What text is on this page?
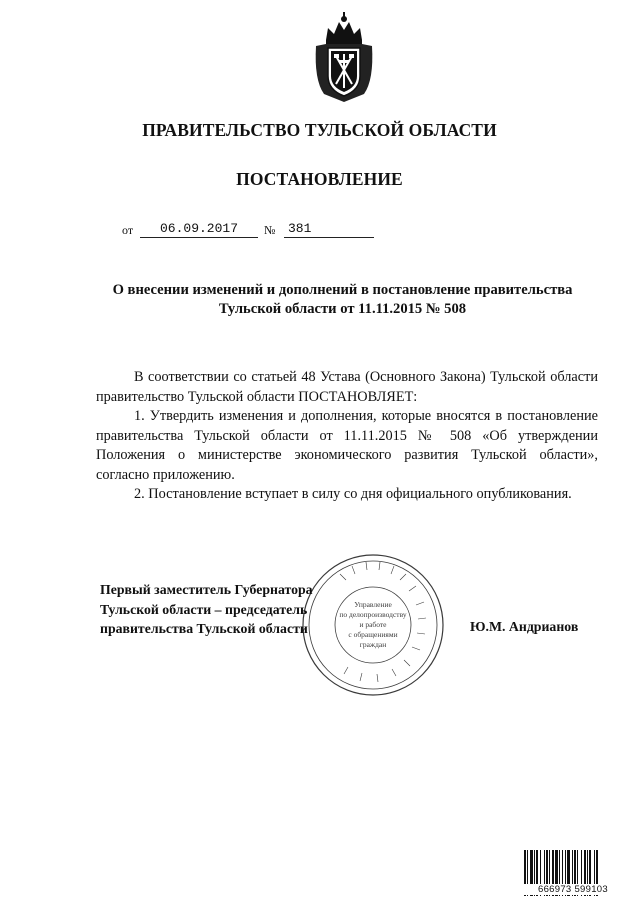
ПРАВИТЕЛЬСТВО ТУЛЬСКОЙ ОБЛАСТИ
ПОСТАНОВЛЕНИЕ
от	06.09.2017	№ 381
О внесении изменений и дополнений в постановление правительства
Тульской области от 11.11.2015 № 508

В соответствии со статьей 48 Устава (Основного Закона) Тульской области правительство Тульской области ПОСТАНОВЛЯЕТ:

1. Утвердить изменения и дополнения, которые вносятся в постановление правительства Тульской области от 11.11.2015 № 508 «Об утверждении Положения о министерстве экономического развития Тульской области», согласно приложению.

2. Постановление вступает в силу со дня официального опубликования.

Управление
по делопроизводству
и работе
с обращениями
граждан
Первый заместитель Губернатора
Тульской области – председатель
правительства Тульской области	Ю.М. Андрианов
666973 599103
